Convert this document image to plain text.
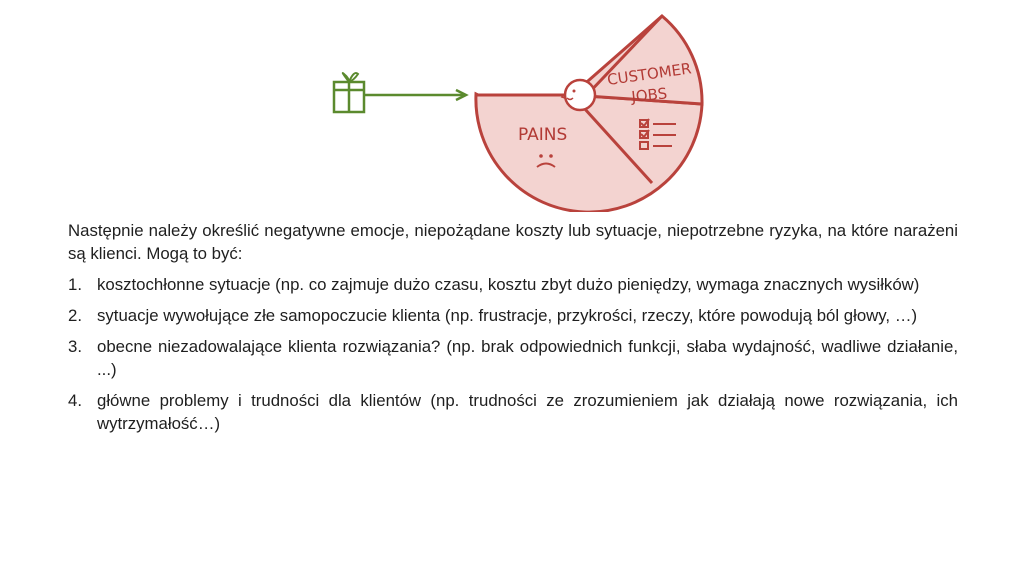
CUSTOMER
JOBS
PAINS

Następnie należy określić negatywne emocje, niepożądane koszty lub sytuacje, niepotrzebne ryzyka, na które narażeni są klienci. Mogą to być:

1. kosztochłonne sytuacje (np. co zajmuje dużo czasu, kosztu zbyt dużo pieniędzy, wymaga znacznych wysiłków)
2. sytuacje wywołujące złe samopoczucie klienta (np. frustracje, przykrości, rzeczy, które powodują ból głowy, …)
3. obecne niezadowalające klienta rozwiązania? (np. brak odpowiednich funkcji, słaba wydajność, wadliwe działanie, ...)
4. główne problemy i trudności dla klientów (np. trudności ze zrozumieniem jak działają nowe rozwiązania, ich wytrzymałość…)
